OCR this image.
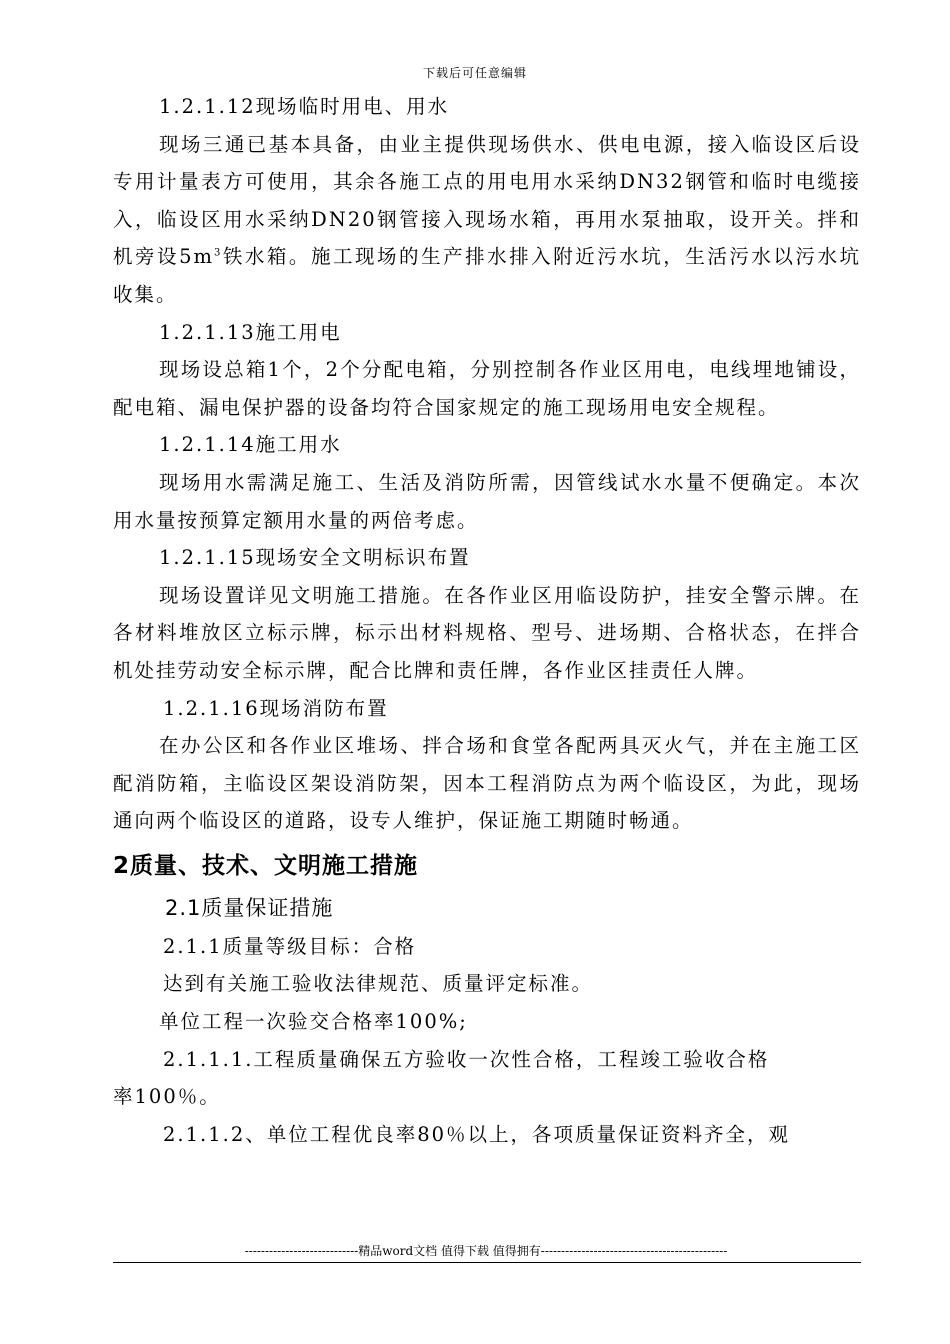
下载后可任意编辑

1.2.1.12现场临时用电、用水

现场三通已基本具备，由业主提供现场供水、供电电源，接入临设区后设专用计量表方可使用，其余各施工点的用电用水采纳DN32钢管和临时电缆接入，临设区用水采纳DN20钢管接入现场水箱，再用水泵抽取，设开关。拌和机旁设$5m^3$铁水箱。施工现场的生产排水排入附近污水坑，生活污水以污水坑收集。

1.2.1.13施工用电

现场设总箱1个，2个分配电箱，分别控制各作业区用电，电线埋地铺设，配电箱、漏电保护器的设备均符合国家规定的施工现场用电安全规程。

1.2.1.14施工用水

现场用水需满足施工、生活及消防所需，因管线试水水量不便确定。本次用水量按预算定额用水量的两倍考虑。

1.2.1.15现场安全文明标识布置

现场设置详见文明施工措施。在各作业区用临设防护，挂安全警示牌。在各材料堆放区立标示牌，标示出材料规格、型号、进场期、合格状态，在拌合机处挂劳动安全标示牌，配合比牌和责任牌，各作业区挂责任人牌。

1.2.1.16现场消防布置

在办公区和各作业区堆场、拌合场和食堂各配两具灭火气，并在主施工区配消防箱，主临设区架设消防架，因本工程消防点为两个临设区，为此，现场通向两个临设区的道路，设专人维护，保证施工期随时畅通。

2质量、技术、文明施工措施

2.1质量保证措施

2.1.1质量等级目标：合格

达到有关施工验收法律规范、质量评定标准。

单位工程一次验交合格率100%;

2.1.1.1.工程质量确保五方验收一次性合格，工程竣工验收合格

率100％。

2.1.1.2、单位工程优良率80％以上，各项质量保证资料齐全，观

----------------------------精品word文档 值得下载 值得拥有----------------------------------------------
